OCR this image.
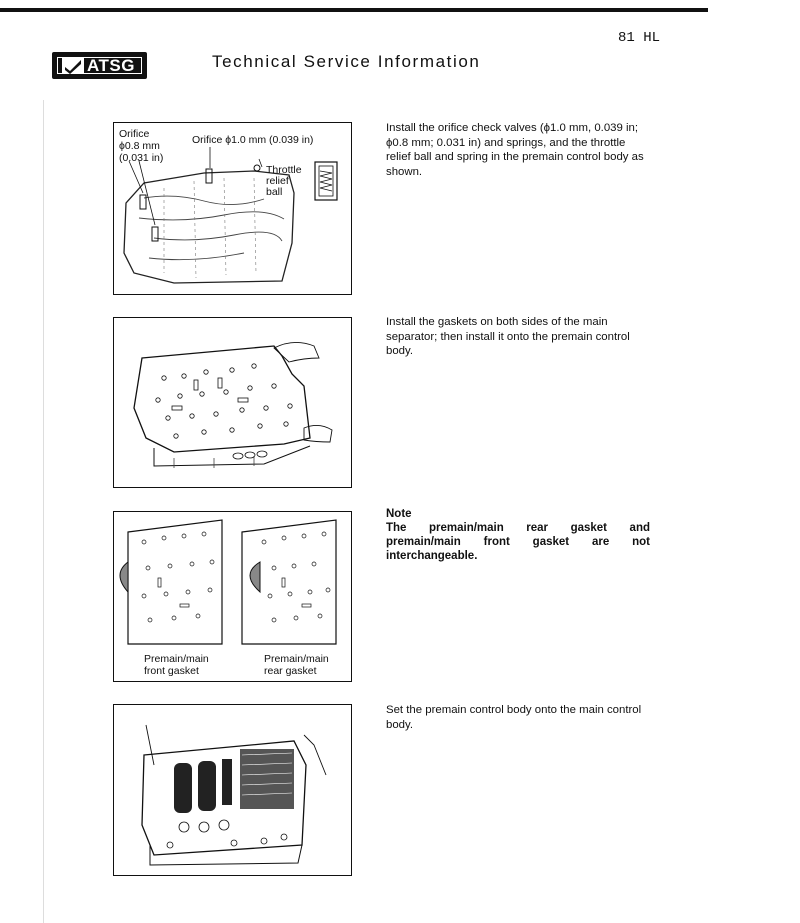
81 HL
ATSG	Technical Service Information
Orifice
ϕ0.8 mm
(0.031 in)
Orifice ϕ1.0 mm (0.039 in)
Throttle
relief
ball
Premain/main
front gasket
Premain/main
rear gasket
Install the orifice check valves (ϕ1.0 mm, 0.039 in; ϕ0.8 mm; 0.031 in) and springs, and the throttle relief ball and spring in the premain control body as shown.
Install the gaskets on both sides of the main separator; then install it onto the premain control body.
Note
The premain/main rear gasket and premain/main front gasket are not interchangeable.
Set the premain control body onto the main control body.
